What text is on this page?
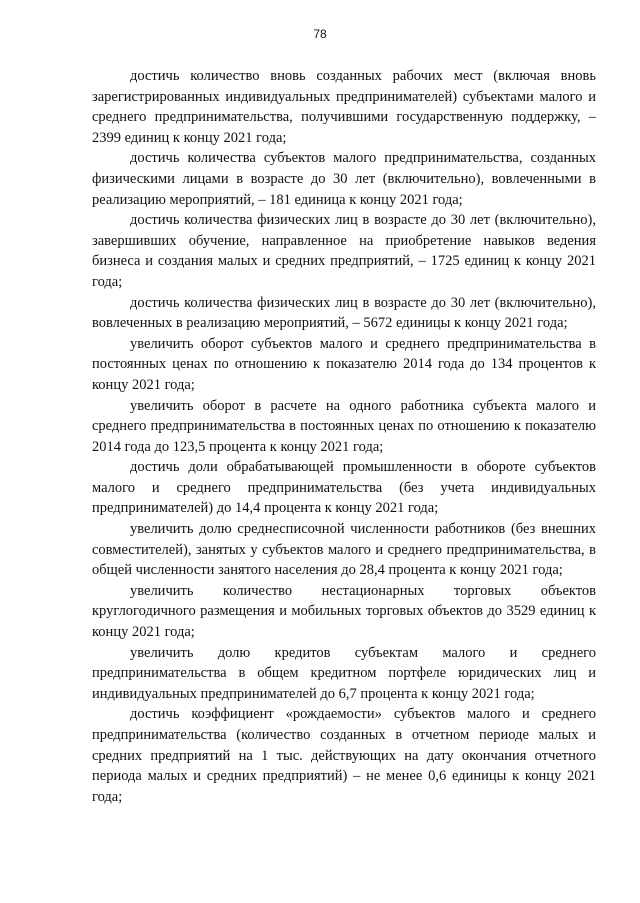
78

достичь количество вновь созданных рабочих мест (включая вновь зарегистрированных индивидуальных предпринимателей) субъектами малого и среднего предпринимательства, получившими государственную поддержку, – 2399 единиц к концу 2021 года;

достичь количества субъектов малого предпринимательства, созданных физическими лицами в возрасте до 30 лет (включительно), вовлеченными в реализацию мероприятий, – 181 единица к концу 2021 года;

достичь количества физических лиц в возрасте до 30 лет (включительно), завершивших обучение, направленное на приобретение навыков ведения бизнеса и создания малых и средних предприятий, – 1725 единиц к концу 2021 года;

достичь количества физических лиц в возрасте до 30 лет (включительно), вовлеченных в реализацию мероприятий, – 5672 единицы к концу 2021 года;

увеличить оборот субъектов малого и среднего предпринимательства в постоянных ценах по отношению к показателю 2014 года до 134 процентов к концу 2021 года;

увеличить оборот в расчете на одного работника субъекта малого и среднего предпринимательства в постоянных ценах по отношению к показателю 2014 года до 123,5 процента к концу 2021 года;

достичь доли обрабатывающей промышленности в обороте субъектов малого и среднего предпринимательства (без учета индивидуальных предпринимателей) до 14,4 процента к концу 2021 года;

увеличить долю среднесписочной численности работников (без внешних совместителей), занятых у субъектов малого и среднего предпринимательства, в общей численности занятого населения до 28,4 процента к концу 2021 года;

увеличить количество нестационарных торговых объектов круглогодичного размещения и мобильных торговых объектов до 3529 единиц к концу 2021 года;

увеличить долю кредитов субъектам малого и среднего предпринимательства в общем кредитном портфеле юридических лиц и индивидуальных предпринимателей до 6,7 процента к концу 2021 года;

достичь коэффициент «рождаемости» субъектов малого и среднего предпринимательства (количество созданных в отчетном периоде малых и средних предприятий на 1 тыс. действующих на дату окончания отчетного периода малых и средних предприятий) – не менее 0,6 единицы к концу 2021 года;
